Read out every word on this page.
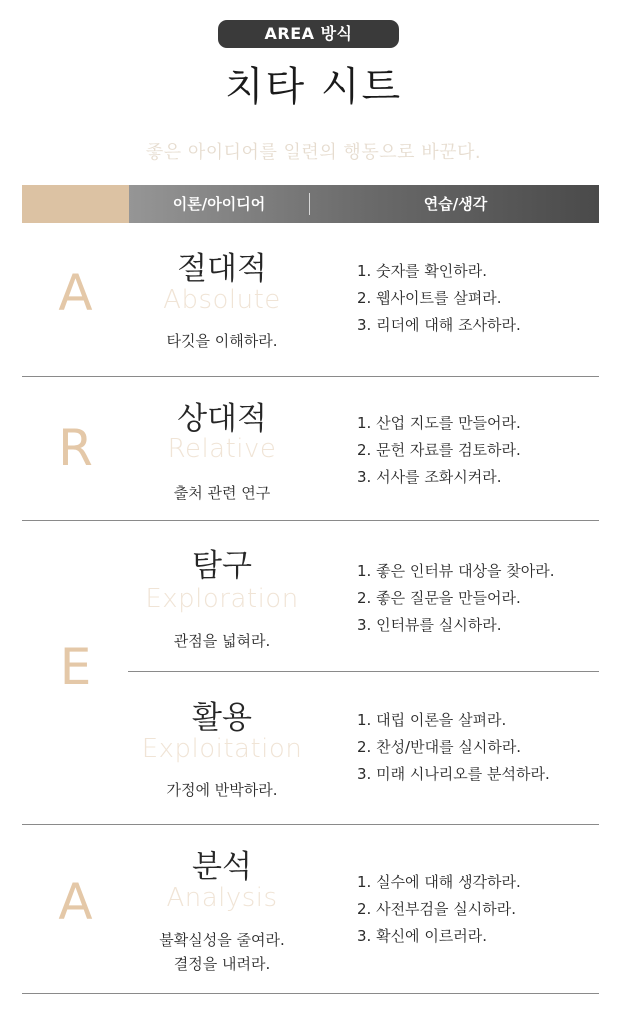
AREA 방식
치타 시트
좋은 아이디어를 일련의 행동으로 바꾼다.
이론/아이디어	연습/생각
A
R
E
A
절대적
Absolute
타깃을 이해하라.
1. 숫자를 확인하라.
2. 웹사이트를 살펴라.
3. 리더에 대해 조사하라.
상대적
Relative
출처 관련 연구
1. 산업 지도를 만들어라.
2. 문헌 자료를 검토하라.
3. 서사를 조화시켜라.
탐구
Exploration
관점을 넓혀라.
1. 좋은 인터뷰 대상을 찾아라.
2. 좋은 질문을 만들어라.
3. 인터뷰를 실시하라.
활용
Exploitation
가정에 반박하라.
1. 대립 이론을 살펴라.
2. 찬성/반대를 실시하라.
3. 미래 시나리오를 분석하라.
분석
Analysis
불확실성을 줄여라.
결정을 내려라.
1. 실수에 대해 생각하라.
2. 사전부검을 실시하라.
3. 확신에 이르러라.
